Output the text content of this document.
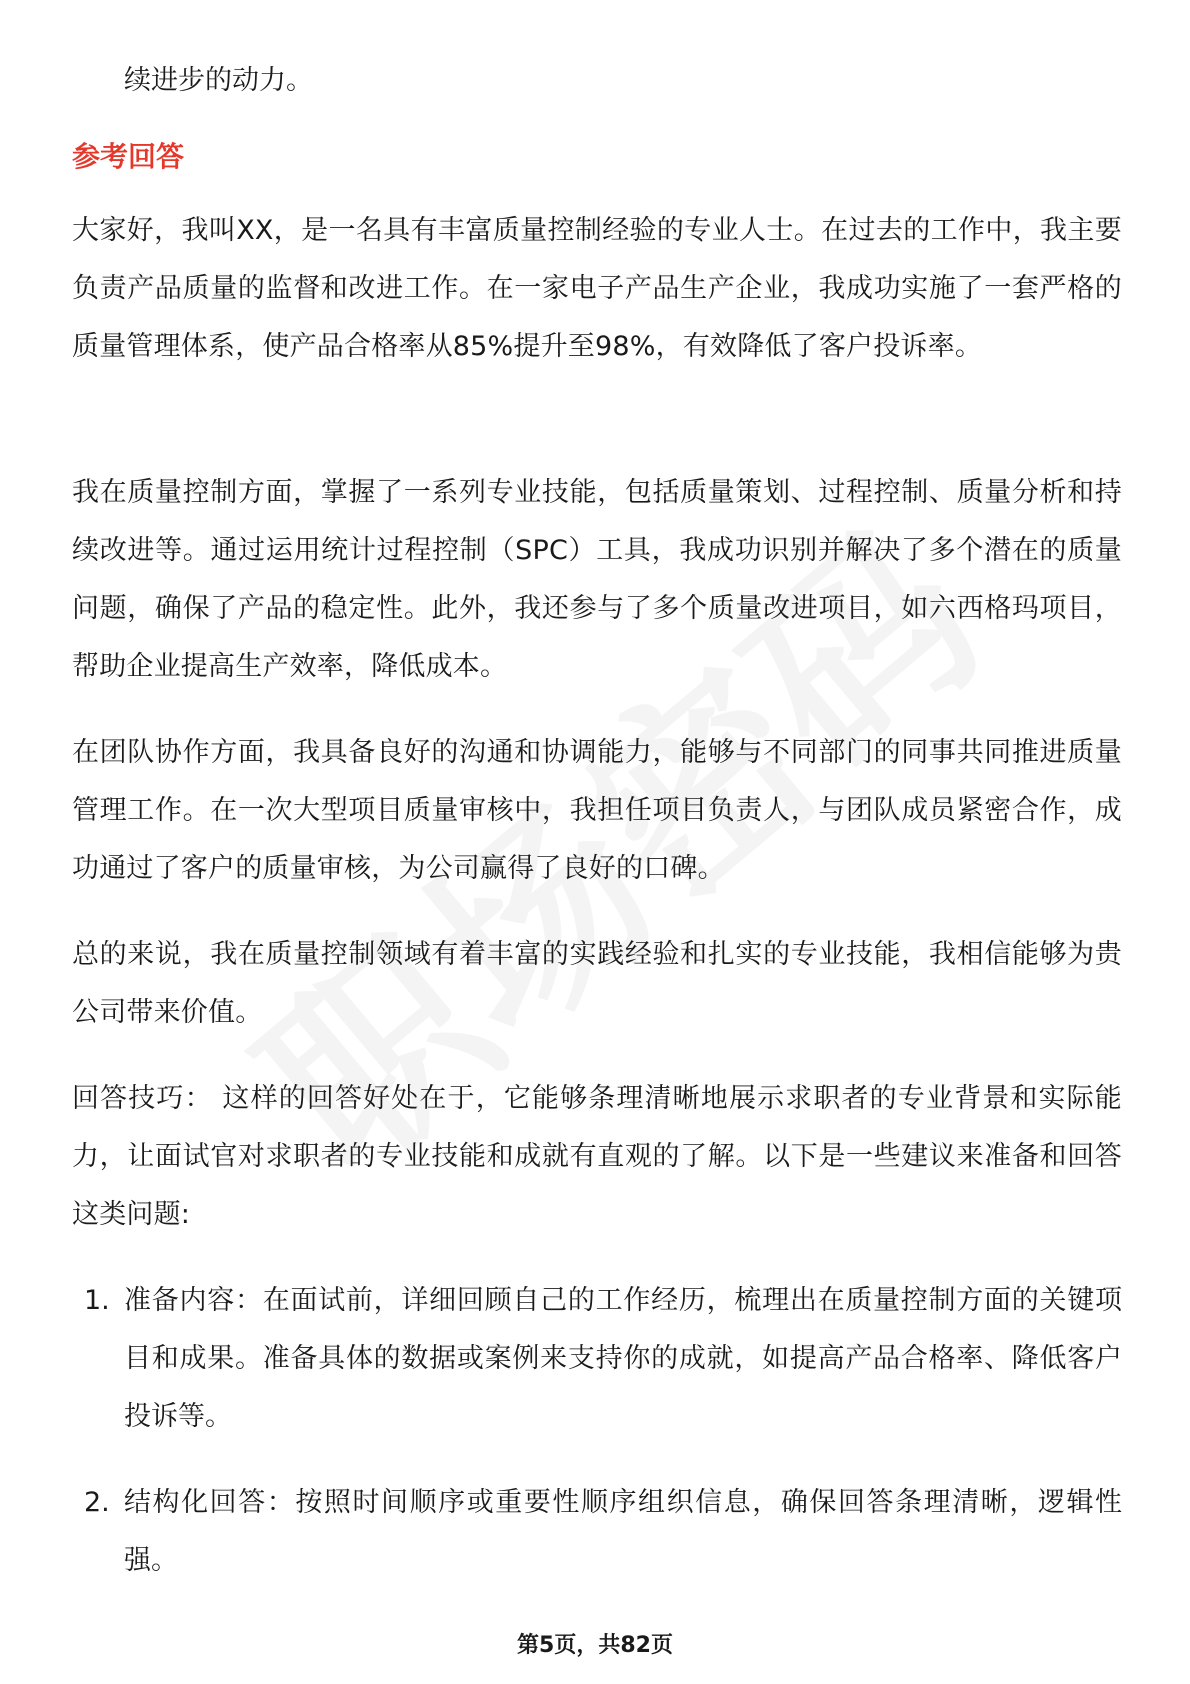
续进步的动力。
参考回答
大家好，我叫XX，是一名具有丰富质量控制经验的专业人士。在过去的工作中，我主要负责产品质量的监督和改进工作。在一家电子产品生产企业，我成功实施了一套严格的质量管理体系，使产品合格率从85%提升至98%，有效降低了客户投诉率。
我在质量控制方面，掌握了一系列专业技能，包括质量策划、过程控制、质量分析和持续改进等。通过运用统计过程控制（SPC）工具，我成功识别并解决了多个潜在的质量问题，确保了产品的稳定性。此外，我还参与了多个质量改进项目，如六西格玛项目，帮助企业提高生产效率，降低成本。
在团队协作方面，我具备良好的沟通和协调能力，能够与不同部门的同事共同推进质量管理工作。在一次大型项目质量审核中，我担任项目负责人，与团队成员紧密合作，成功通过了客户的质量审核，为公司赢得了良好的口碑。
总的来说，我在质量控制领域有着丰富的实践经验和扎实的专业技能，我相信能够为贵公司带来价值。
回答技巧： 这样的回答好处在于，它能够条理清晰地展示求职者的专业背景和实际能力，让面试官对求职者的专业技能和成就有直观的了解。以下是一些建议来准备和回答这类问题:
1. 准备内容：在面试前，详细回顾自己的工作经历，梳理出在质量控制方面的关键项目和成果。准备具体的数据或案例来支持你的成就，如提高产品合格率、降低客户投诉等。
2. 结构化回答：按照时间顺序或重要性顺序组织信息，确保回答条理清晰，逻辑性强。
第5页，共82页
